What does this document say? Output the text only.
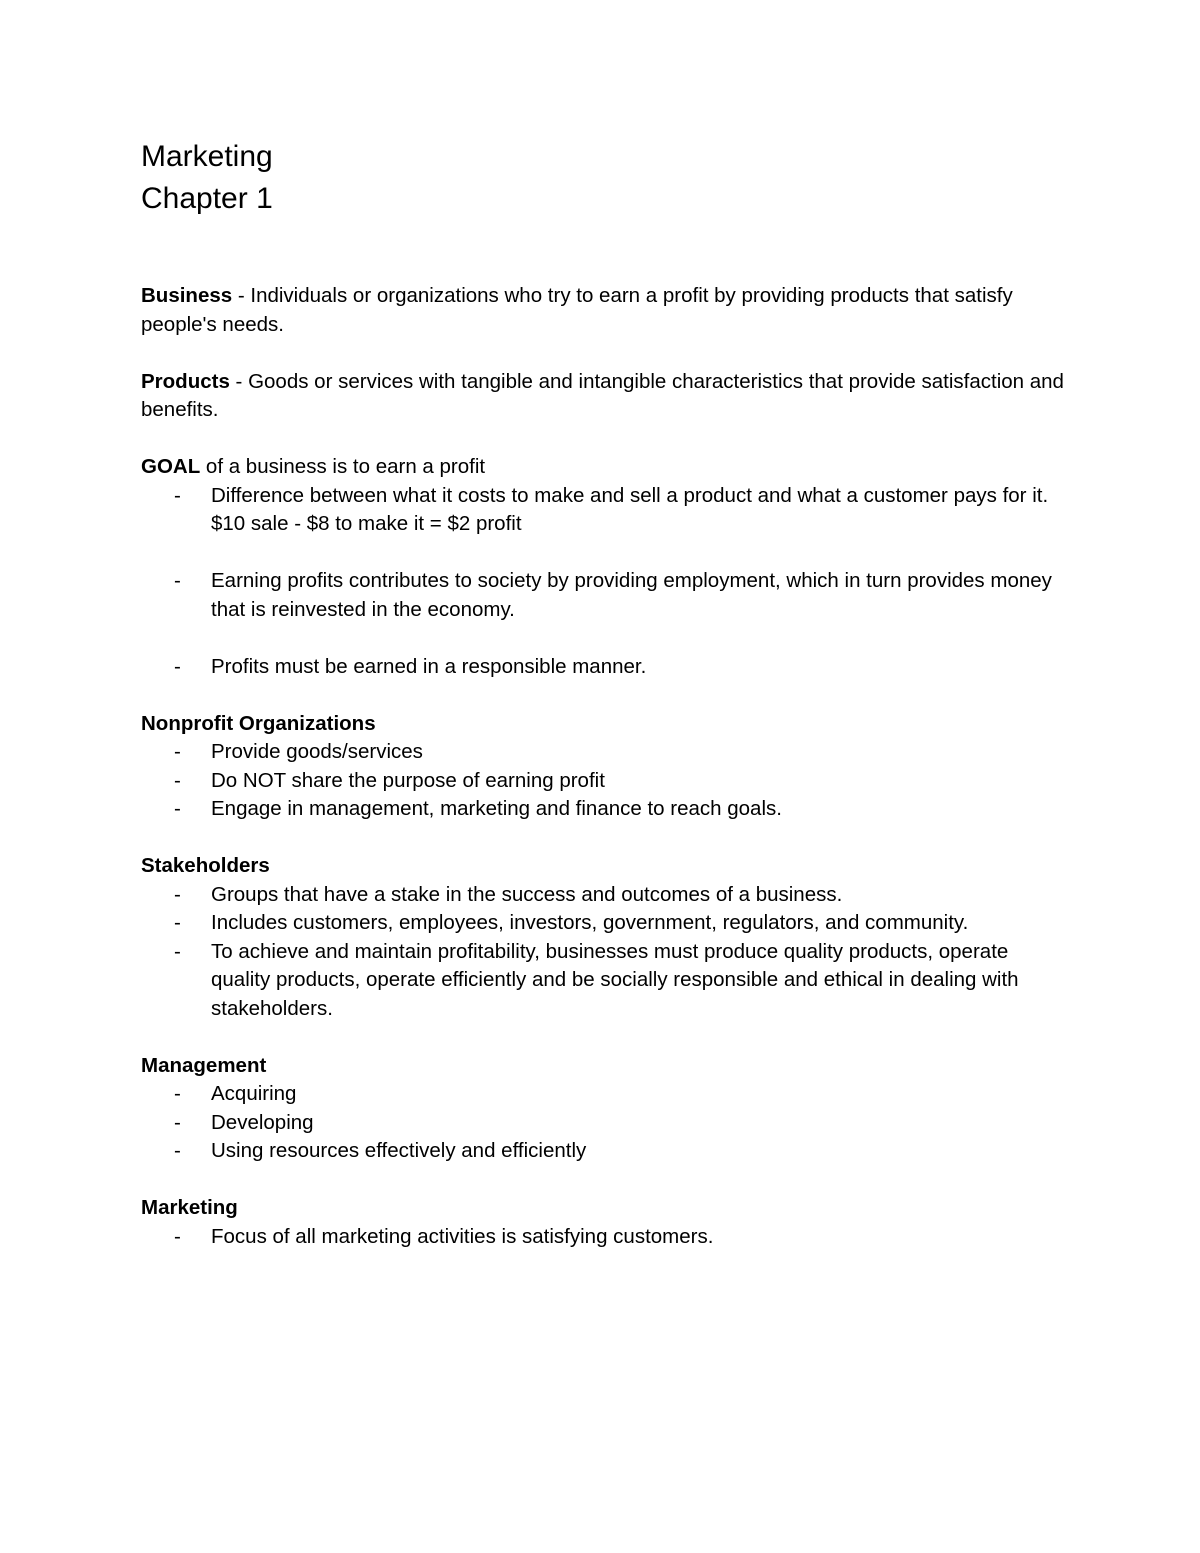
Marketing
Chapter 1

Business - Individuals or organizations who try to earn a profit by providing products that satisfy people's needs.

Products - Goods or services with tangible and intangible characteristics that provide satisfaction and benefits.

GOAL of a business is to earn a profit
- Difference between what it costs to make and sell a product and what a customer pays for it.
$10 sale - $8 to make it = $2 profit
- Earning profits contributes to society by providing employment, which in turn provides money that is reinvested in the economy.
- Profits must be earned in a responsible manner.
Nonprofit Organizations
- Provide goods/services
- Do NOT share the purpose of earning profit
- Engage in management, marketing and finance to reach goals.
Stakeholders
- Groups that have a stake in the success and outcomes of a business.
- Includes customers, employees, investors, government, regulators, and community.
- To achieve and maintain profitability, businesses must produce quality products, operate quality products, operate efficiently and be socially responsible and ethical in dealing with stakeholders.
Management
- Acquiring
- Developing
- Using resources effectively and efficiently
Marketing
- Focus of all marketing activities is satisfying customers.
